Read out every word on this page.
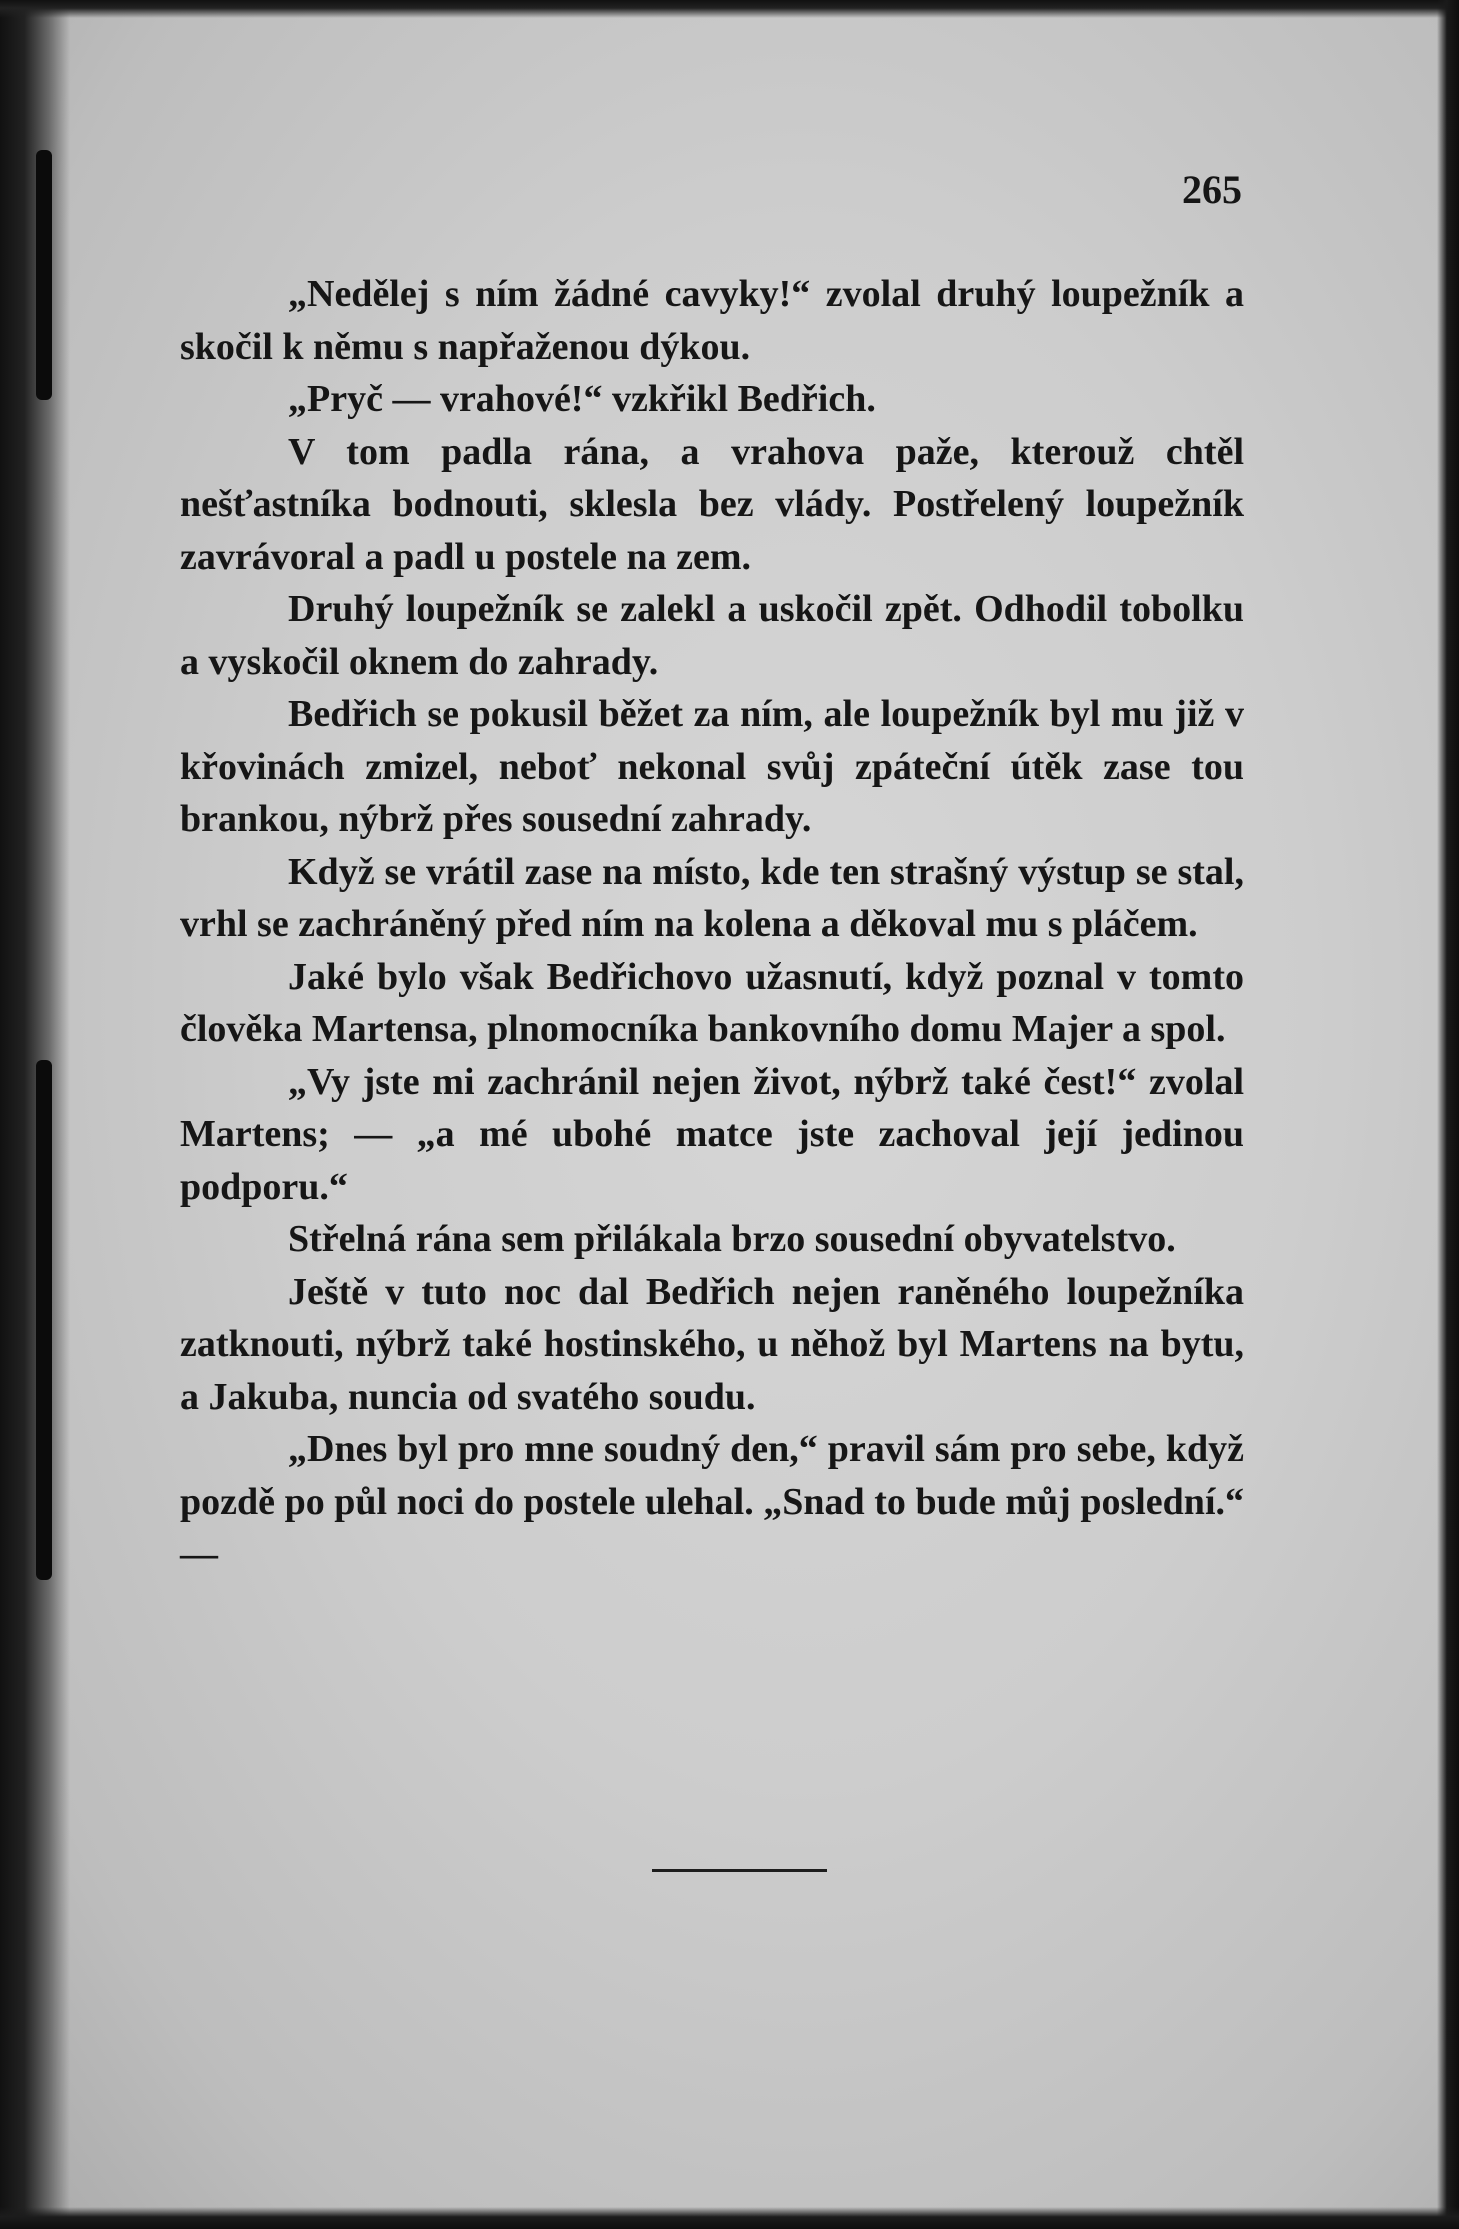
265

„Nedělej s ním žádné cavyky!“ zvolal druhý loupežník a skočil k němu s napřaženou dýkou.

„Pryč — vrahové!“ vzkřikl Bedřich.

V tom padla rána, a vrahova paže, kterouž chtěl nešťastníka bodnouti, sklesla bez vlády. Postřelený loupežník zavrávoral a padl u postele na zem.

Druhý loupežník se zalekl a uskočil zpět. Odhodil tobolku a vyskočil oknem do zahrady.

Bedřich se pokusil běžet za ním, ale loupežník byl mu již v křovinách zmizel, neboť nekonal svůj zpáteční útěk zase tou brankou, nýbrž přes sousední zahrady.

Když se vrátil zase na místo, kde ten strašný výstup se stal, vrhl se zachráněný před ním na kolena a děkoval mu s pláčem.

Jaké bylo však Bedřichovo užasnutí, když poznal v tomto člověka Martensa, plnomocníka bankovního domu Majer a spol.

„Vy jste mi zachránil nejen život, nýbrž také čest!“ zvolal Martens; — „a mé ubohé matce jste zachoval její jedinou podporu.“

Střelná rána sem přilákala brzo sousední obyvatelstvo.

Ještě v tuto noc dal Bedřich nejen raněného loupežníka zatknouti, nýbrž také hostinského, u něhož byl Martens na bytu, a Jakuba, nuncia od svatého soudu.

„Dnes byl pro mne soudný den,“ pravil sám pro sebe, když pozdě po půl noci do postele ulehal. „Snad to bude můj poslední.“ —
